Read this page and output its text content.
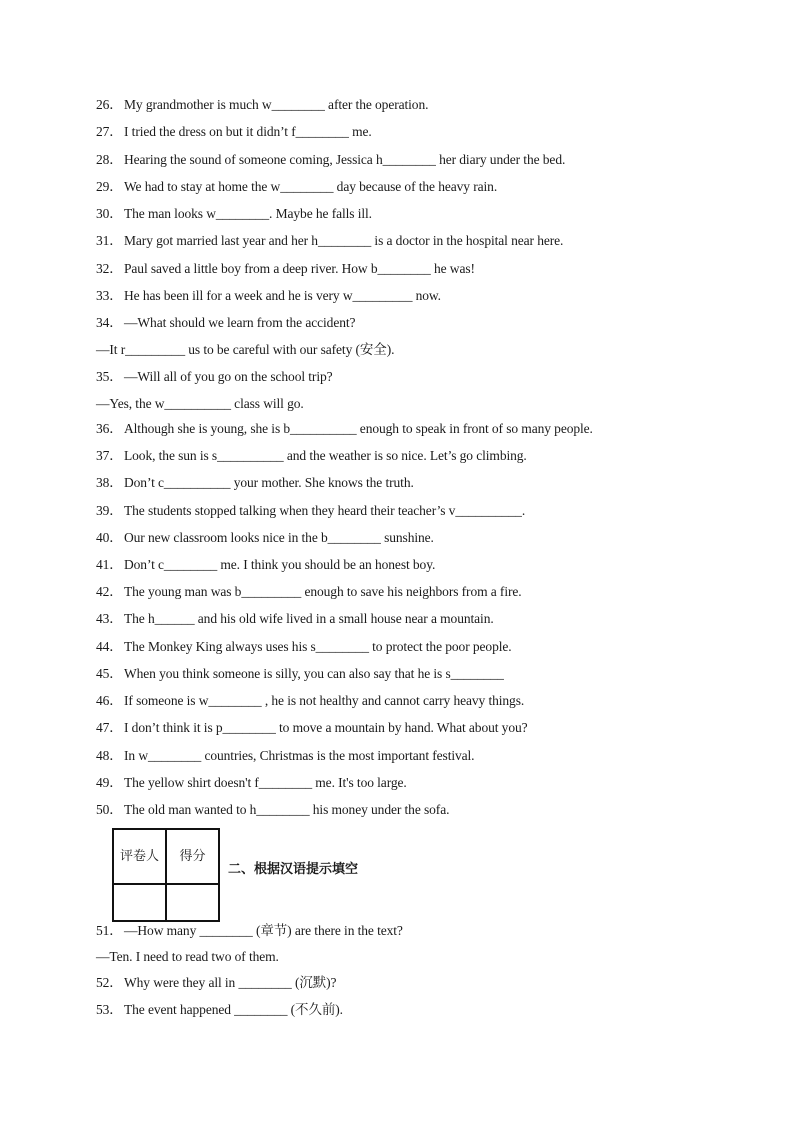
26．My grandmother is much w________ after the operation.
27．I tried the dress on but it didn’t f________ me.
28．Hearing the sound of someone coming, Jessica h________ her diary under the bed.
29．We had to stay at home the w________ day because of the heavy rain.
30．The man looks w________. Maybe he falls ill.
31．Mary got married last year and her h________ is a doctor in the hospital near here.
32．Paul saved a little boy from a deep river. How b________ he was!
33．He has been ill for a week and he is very w_________ now.
34．—What should we learn from the accident?
—It r_________ us to be careful with our safety (安全).
35．—Will all of you go on the school trip?
—Yes, the w__________ class will go.
36．Although she is young, she is b__________ enough to speak in front of so many people.
37．Look, the sun is s__________ and the weather is so nice. Let’s go climbing.
38．Don’t c__________ your mother. She knows the truth.
39．The students stopped talking when they heard their teacher’s v__________.
40．Our new classroom looks nice in the b________ sunshine.
41．Don’t c________ me. I think you should be an honest boy.
42．The young man was b_________ enough to save his neighbors from a fire.
43．The h______ and his old wife lived in a small house near a mountain.
44．The Monkey King always uses his s________ to protect the poor people.
45．When you think someone is silly, you can also say that he is s________
46．If someone is w________ , he is not healthy and cannot carry heavy things.
47．I don’t think it is p________ to move a mountain by hand. What about you?
48．In w________ countries, Christmas is the most important festival.
49．The yellow shirt doesn't f________ me. It's too large.
50．The old man wanted to h________ his money under the sofa.
评卷人	得分

二、根据汉语提示填空
51．—How many ________ (章节) are there in the text?
—Ten. I need to read two of them.
52．Why were they all in ________ (沉默)?
53．The event happened ________ (不久前).
